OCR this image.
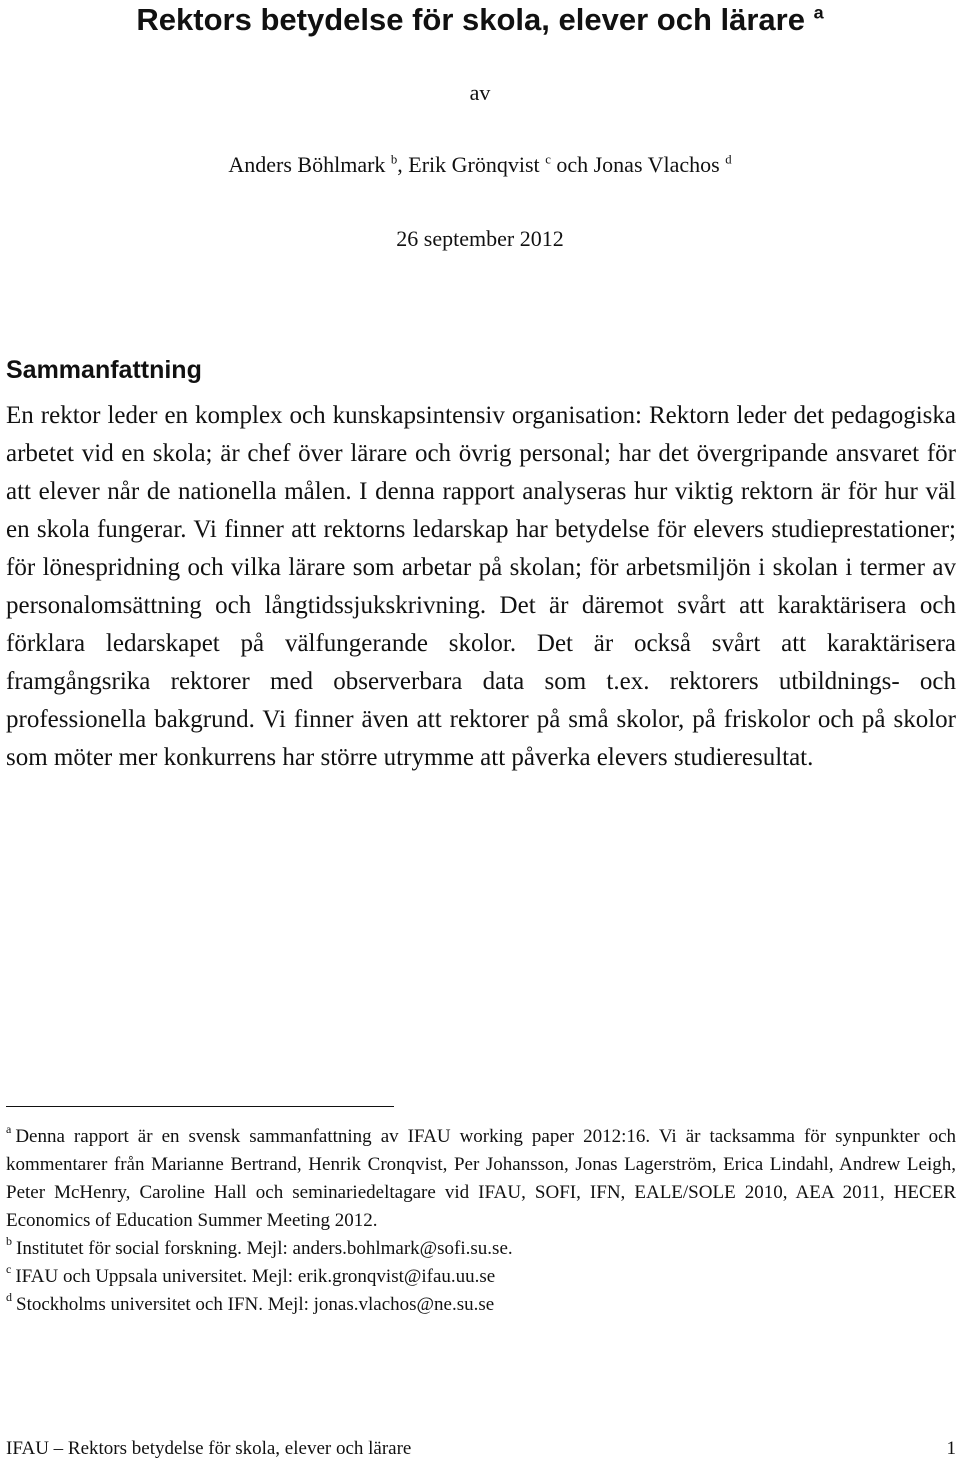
Rektors betydelse för skola, elever och lärare $^a$
av
Anders Böhlmark $^b$, Erik Grönqvist $^c$ och Jonas Vlachos $^d$
26 september 2012
Sammanfattning

En rektor leder en komplex och kunskapsintensiv organisation: Rektorn leder det pedagogiska arbetet vid en skola; är chef över lärare och övrig personal; har det övergripande ansvaret för att elever når de nationella målen. I denna rapport analyseras hur viktig rektorn är för hur väl en skola fungerar. Vi finner att rektorns ledarskap har betydelse för elevers studieprestationer; för lönespridning och vilka lärare som arbetar på skolan; för arbetsmiljön i skolan i termer av personalomsättning och långtidssjukskrivning. Det är däremot svårt att karaktärisera och förklara ledarskapet på välfungerande skolor. Det är också svårt att karaktärisera framgångsrika rektorer med observerbara data som t.ex. rektorers utbildnings- och professionella bakgrund. Vi finner även att rektorer på små skolor, på friskolor och på skolor som möter mer konkurrens har större utrymme att påverka elevers studieresultat.

$^a$ Denna rapport är en svensk sammanfattning av IFAU working paper 2012:16. Vi är tacksamma för synpunkter och kommentarer från Marianne Bertrand, Henrik Cronqvist, Per Johansson, Jonas Lagerström, Erica Lindahl, Andrew Leigh, Peter McHenry, Caroline Hall och seminariedeltagare vid IFAU, SOFI, IFN, EALE/SOLE 2010, AEA 2011, HECER Economics of Education Summer Meeting 2012.

$^b$ Institutet för social forskning. Mejl: anders.bohlmark@sofi.su.se.

$^c$ IFAU och Uppsala universitet. Mejl: erik.gronqvist@ifau.uu.se

$^d$ Stockholms universitet och IFN. Mejl: jonas.vlachos@ne.su.se

IFAU – Rektors betydelse för skola, elever och lärare	1
